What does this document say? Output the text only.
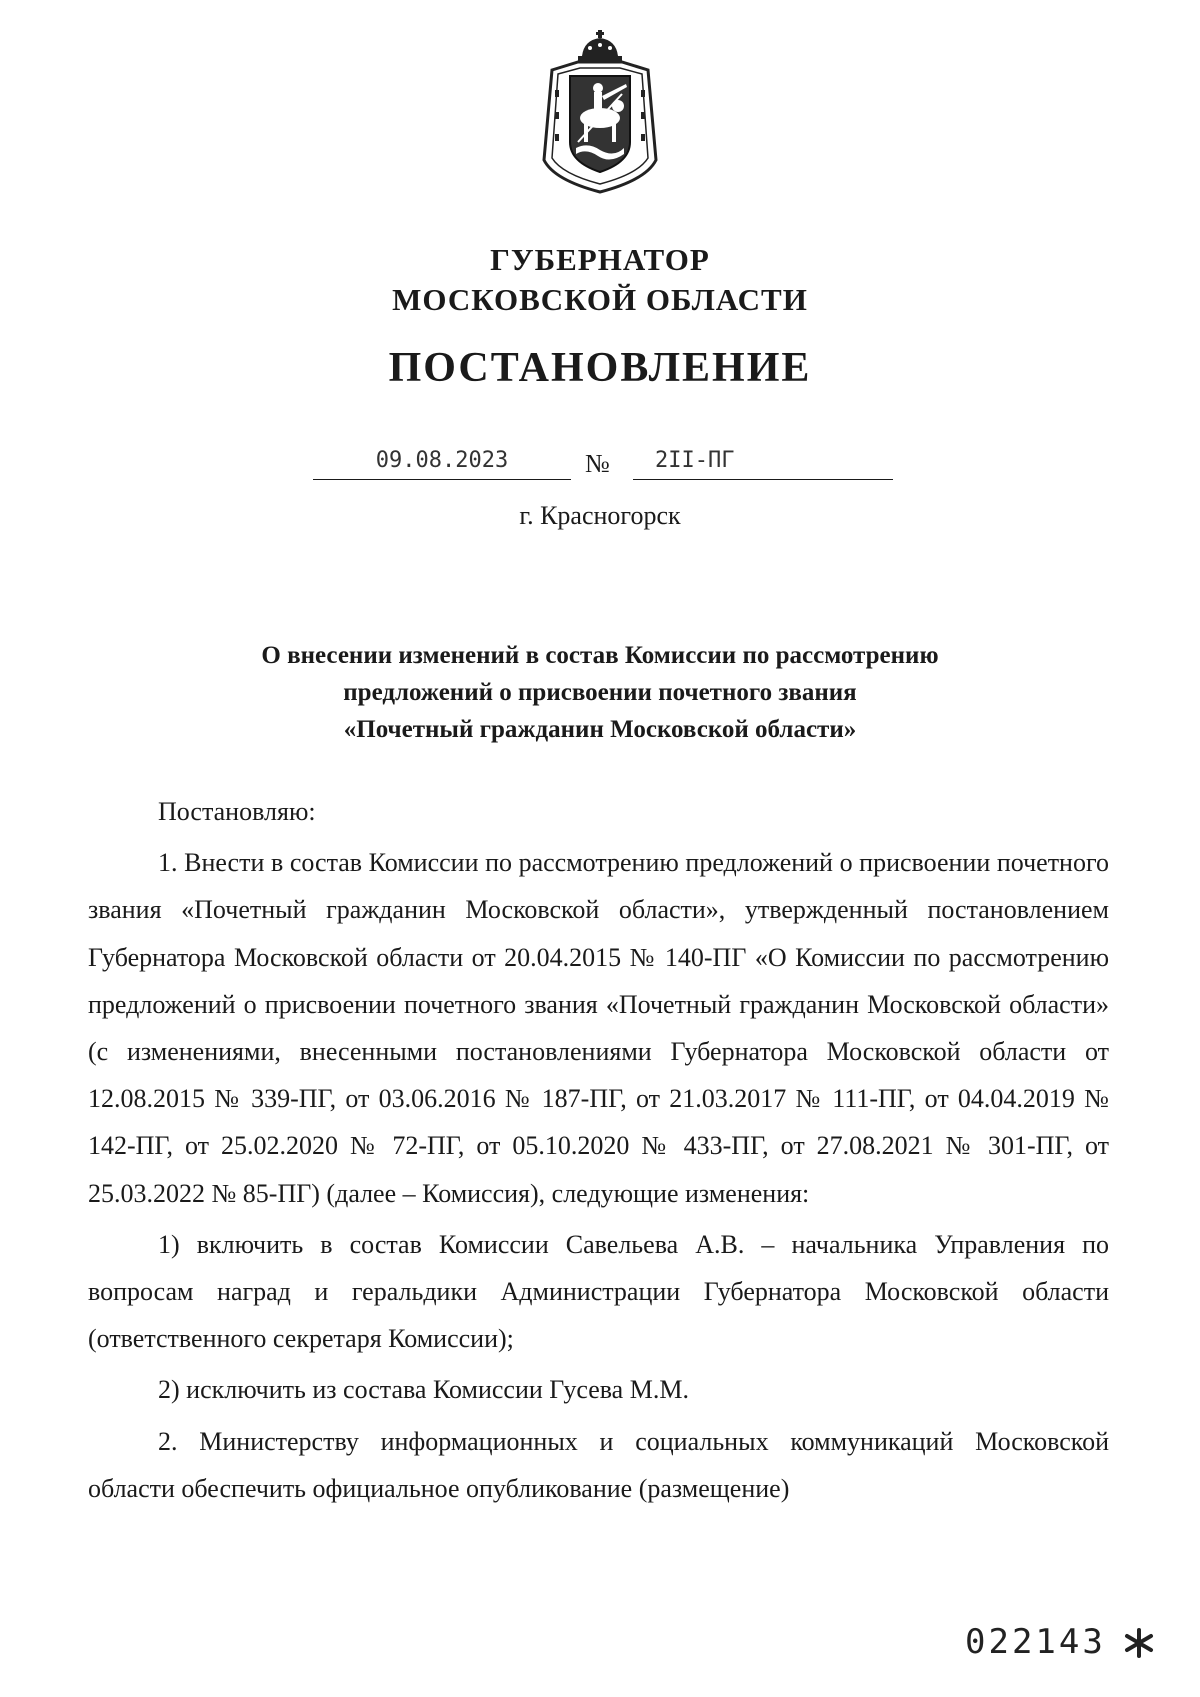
ГУБЕРНАТОР
МОСКОВСКОЙ ОБЛАСТИ
ПОСТАНОВЛЕНИЕ
09.08.2023	№	2II-ПГ
г. Красногорск
О внесении изменений в состав Комиссии по рассмотрению
предложений о присвоении почетного звания
«Почетный гражданин Московской области»

Постановляю:

1. Внести в состав Комиссии по рассмотрению предложений о присвоении почетного звания «Почетный гражданин Московской области», утвержденный постановлением Губернатора Московской области от 20.04.2015 № 140-ПГ «О Комиссии по рассмотрению предложений о присвоении почетного звания «Почетный гражданин Московской области» (с изменениями, внесенными постановлениями Губернатора Московской области от 12.08.2015 № 339-ПГ, от 03.06.2016 № 187-ПГ, от 21.03.2017 № 111-ПГ, от 04.04.2019 № 142-ПГ, от 25.02.2020 № 72-ПГ, от 05.10.2020 № 433-ПГ, от 27.08.2021 № 301-ПГ, от 25.03.2022 № 85-ПГ) (далее – Комиссия), следующие изменения:

1) включить в состав Комиссии Савельева А.В. – начальника Управления по вопросам наград и геральдики Администрации Губернатора Московской области (ответственного секретаря Комиссии);

2) исключить из состава Комиссии Гусева М.М.

2. Министерству информационных и социальных коммуникаций Московской области обеспечить официальное опубликование (размещение)

022143
